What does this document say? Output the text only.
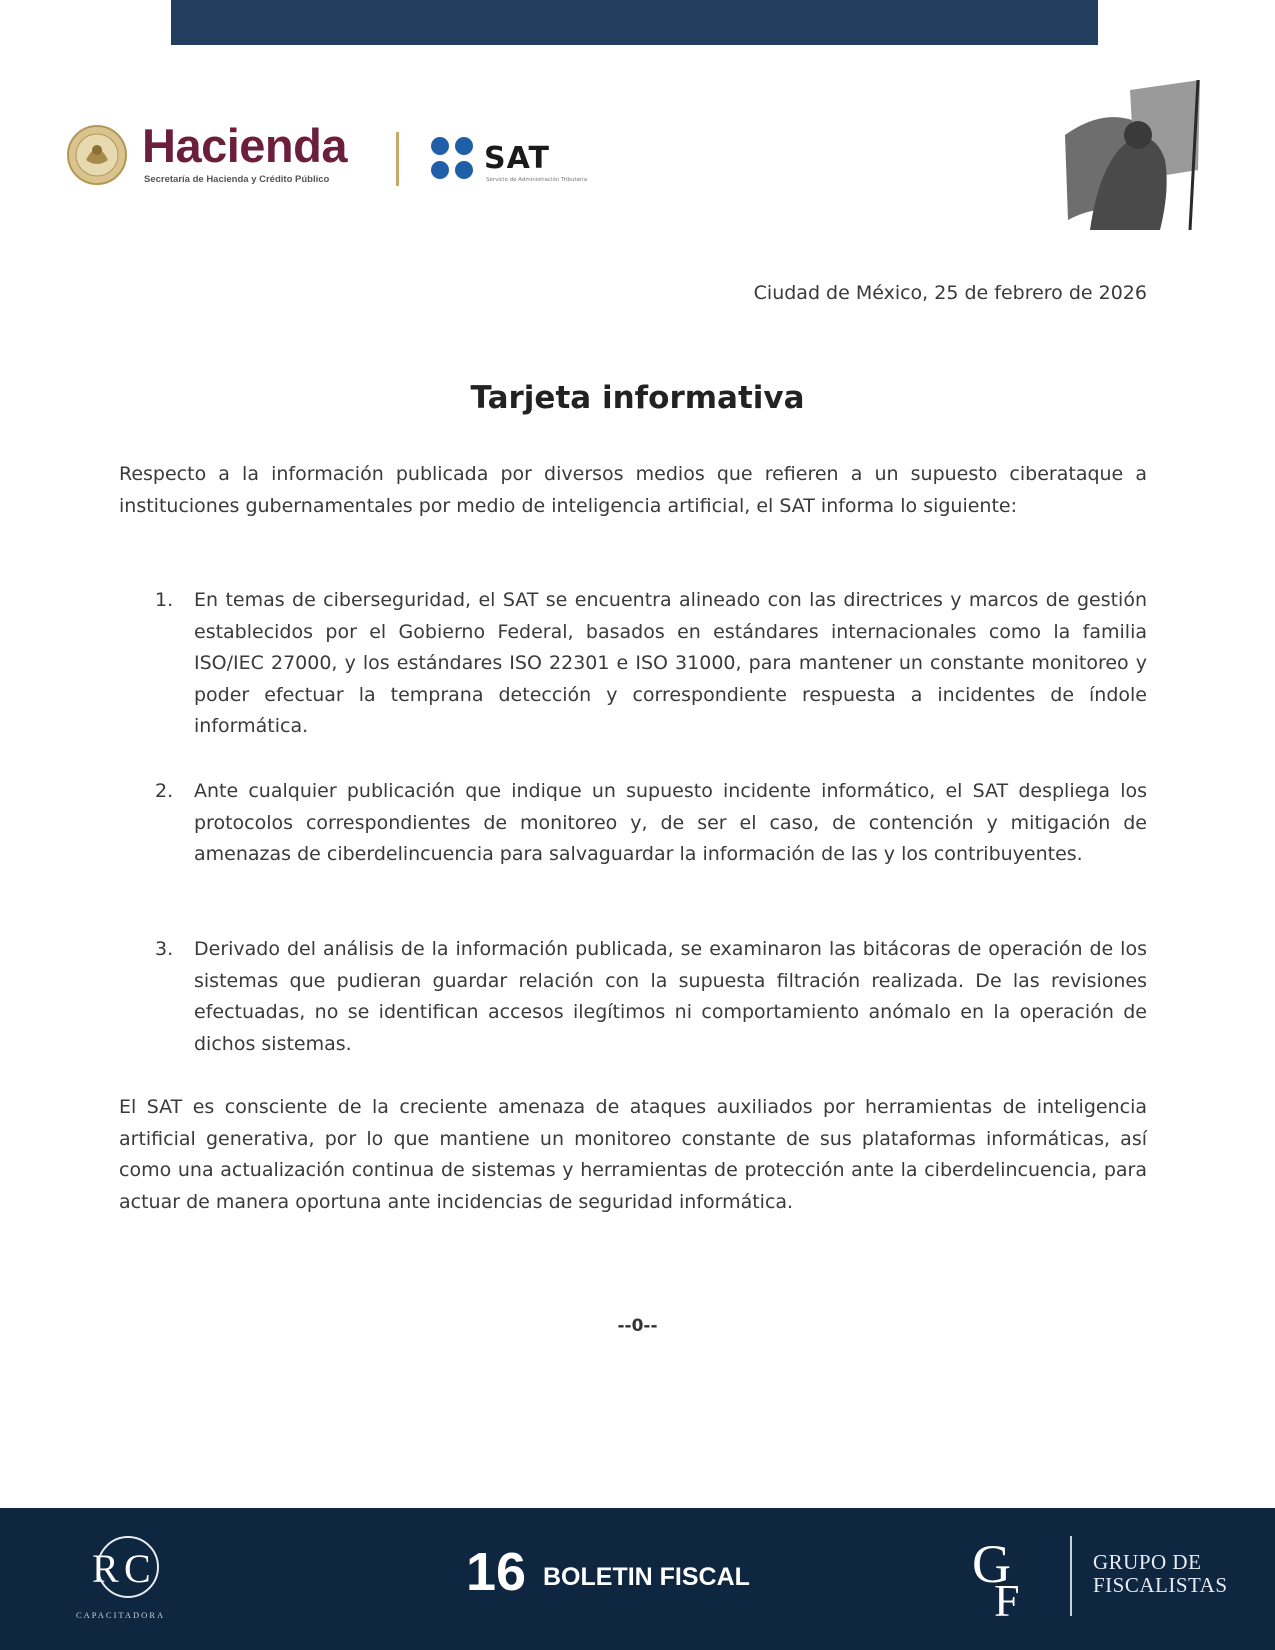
Hacienda
Secretaría de Hacienda y Crédito Público
SAT
Servicio de Administración Tributaria
Ciudad de México, 25 de febrero de 2026
Tarjeta informativa

Respecto a la información publicada por diversos medios que refieren a un supuesto ciberataque a instituciones gubernamentales por medio de inteligencia artificial, el SAT informa lo siguiente:

1. En temas de ciberseguridad, el SAT se encuentra alineado con las directrices y marcos de gestión establecidos por el Gobierno Federal, basados en estándares internacionales como la familia ISO/IEC 27000, y los estándares ISO 22301 e ISO 31000, para mantener un constante monitoreo y poder efectuar la temprana detección y correspondiente respuesta a incidentes de índole informática.

2. Ante cualquier publicación que indique un supuesto incidente informático, el SAT despliega los protocolos correspondientes de monitoreo y, de ser el caso, de contención y mitigación de amenazas de ciberdelincuencia para salvaguardar la información de las y los contribuyentes.

3. Derivado del análisis de la información publicada, se examinaron las bitácoras de operación de los sistemas que pudieran guardar relación con la supuesta filtración realizada. De las revisiones efectuadas, no se identifican accesos ilegítimos ni comportamiento anómalo en la operación de dichos sistemas.

El SAT es consciente de la creciente amenaza de ataques auxiliados por herramientas de inteligencia artificial generativa, por lo que mantiene un monitoreo constante de sus plataformas informáticas, así como una actualización continua de sistemas y herramientas de protección ante la ciberdelincuencia, para actuar de manera oportuna ante incidencias de seguridad informática.

--0--
R C
CAPACITADORA
16 BOLETIN FISCAL	G
F
GRUPO DE
FISCALISTAS
